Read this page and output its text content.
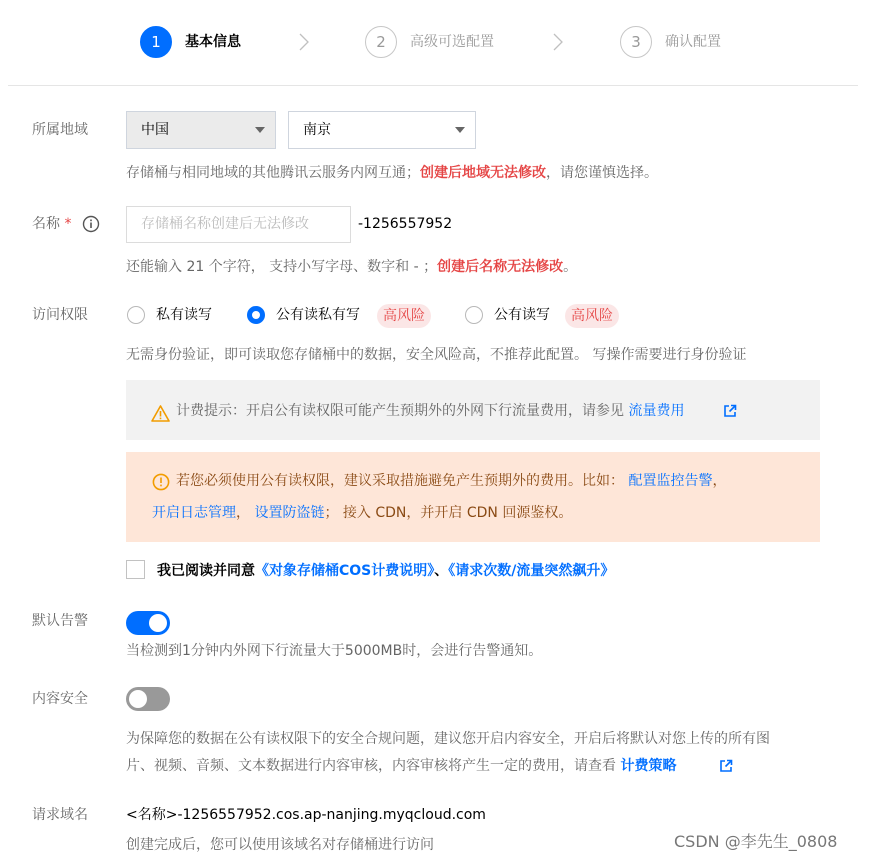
1	基本信息	2	高级可选配置	3	确认配置
所属地域	中国	南京
存储桶与相同地域的其他腾讯云服务内网互通；创建后地域无法修改，请您谨慎选择。
名称 *	存储桶名称创建后无法修改	-1256557952
还能输入 21 个字符， 支持小写字母、数字和 - ；创建后名称无法修改。
访问权限	私有读写	公有读私有写	高风险	公有读写	高风险
无需身份验证，即可读取您存储桶中的数据，安全风险高，不推荐此配置。 写操作需要进行身份验证
计费提示：开启公有读权限可能产生预期外的外网下行流量费用，请参见 流量费用
若您必须使用公有读权限，建议采取措施避免产生预期外的费用。比如： 配置监控告警，
开启日志管理， 设置防盗链； 接入 CDN，并开启 CDN 回源鉴权。
我已阅读并同意《对象存储桶COS计费说明》、《请求次数/流量突然飙升》
默认告警
当检测到1分钟内外网下行流量大于5000MB时，会进行告警通知。
内容安全
为保障您的数据在公有读权限下的安全合规问题，建议您开启内容安全，开启后将默认对您上传的所有图
片、视频、音频、文本数据进行内容审核，内容审核将产生一定的费用，请查看 计费策略
请求域名	<名称>-1256557952.cos.ap-nanjing.myqcloud.com
创建完成后，您可以使用该域名对存储桶进行访问	CSDN @李先生_0808
